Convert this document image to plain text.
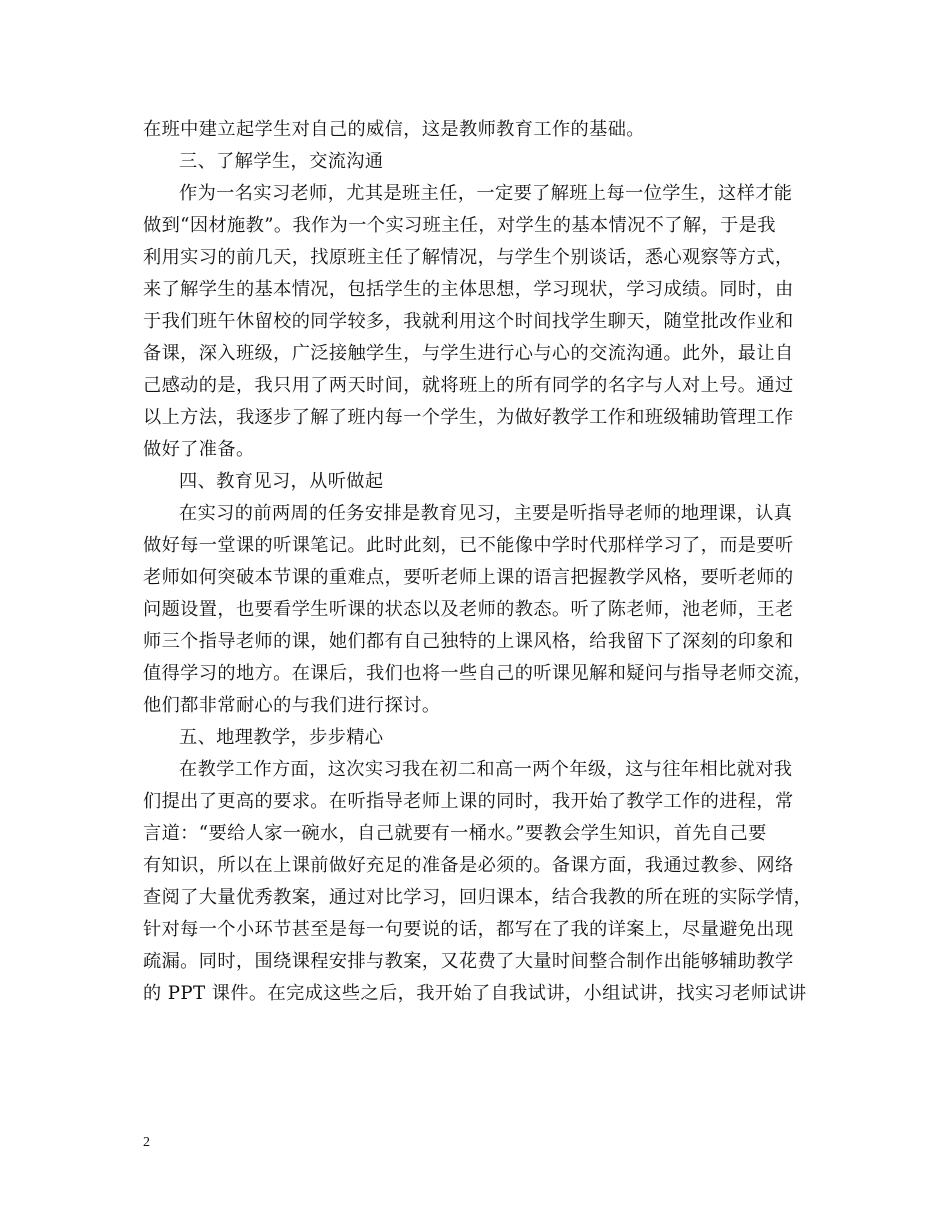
在班中建立起学生对自己的威信，这是教师教育工作的基础。
三、了解学生，交流沟通
作为一名实习老师，尤其是班主任，一定要了解班上每一位学生，这样才能
做到“因材施教”。我作为一个实习班主任，对学生的基本情况不了解，于是我
利用实习的前几天，找原班主任了解情况，与学生个别谈话，悉心观察等方式，
来了解学生的基本情况，包括学生的主体思想，学习现状，学习成绩。同时，由
于我们班午休留校的同学较多，我就利用这个时间找学生聊天，随堂批改作业和
备课，深入班级，广泛接触学生，与学生进行心与心的交流沟通。此外，最让自
己感动的是，我只用了两天时间，就将班上的所有同学的名字与人对上号。通过
以上方法，我逐步了解了班内每一个学生，为做好教学工作和班级辅助管理工作
做好了准备。
四、教育见习，从听做起
在实习的前两周的任务安排是教育见习，主要是听指导老师的地理课，认真
做好每一堂课的听课笔记。此时此刻，已不能像中学时代那样学习了，而是要听
老师如何突破本节课的重难点，要听老师上课的语言把握教学风格，要听老师的
问题设置，也要看学生听课的状态以及老师的教态。听了陈老师，池老师，王老
师三个指导老师的课，她们都有自己独特的上课风格，给我留下了深刻的印象和
值得学习的地方。在课后，我们也将一些自己的听课见解和疑问与指导老师交流，
他们都非常耐心的与我们进行探讨。
五、地理教学，步步精心
在教学工作方面，这次实习我在初二和高一两个年级，这与往年相比就对我
们提出了更高的要求。在听指导老师上课的同时，我开始了教学工作的进程，常
言道：“要给人家一碗水，自己就要有一桶水。”要教会学生知识，首先自己要
有知识，所以在上课前做好充足的准备是必须的。备课方面，我通过教参、网络
查阅了大量优秀教案，通过对比学习，回归课本，结合我教的所在班的实际学情，
针对每一个小环节甚至是每一句要说的话，都写在了我的详案上，尽量避免出现
疏漏。同时，围绕课程安排与教案，又花费了大量时间整合制作出能够辅助教学
的 PPT 课件。在完成这些之后，我开始了自我试讲，小组试讲，找实习老师试讲
2
